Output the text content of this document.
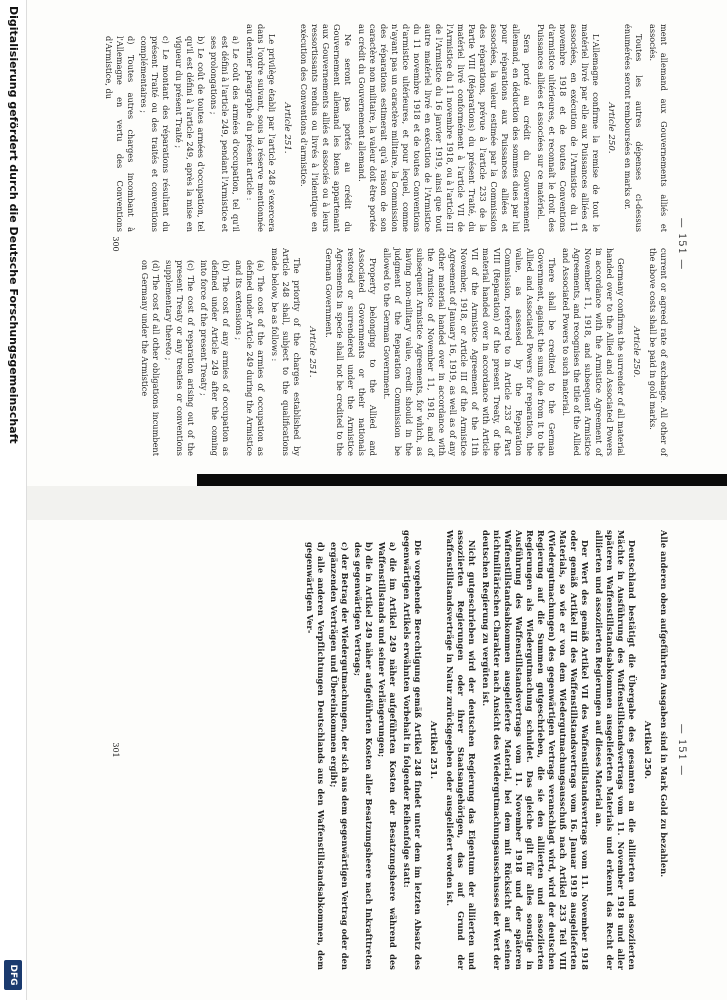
— 151 —

ment allemand aux Gouvernements alliés et associés.

Toutes les autres dépenses ci-dessus énumérées seront remboursées en marks or.

Article 250.

L'Allemagne confirme la remise de tout le matériel livré par elle aux Puissances alliées et associées, en exécution de l'Armistice du 11 novembre 1918 et de toutes Conventions d'armistice ultérieures, et reconnaît le droit des Puissances alliées et associées sur ce matériel.

Sera porté au crédit du Gouvernement allemand, en déduction des sommes dues par lui pour réparations aux Puissances alliées et associées, la valeur estimée par la Commission des réparations, prévue à l'article 233 de la Partie VIII (Réparations) du présent Traité, du matériel livré conformément à l'article VII de l'Armistice du 11 novembre 1918, ou à l'article III de l'Armistice du 16 janvier 1919, ainsi que tout autre matériel livré en exécution de l'Armistice du 11 novembre 1918 et de toutes Conventions d'armistice ultérieures, et pour lequel, comme n'ayant pas un caractère militaire, la Commission des réparations estimerait qu'à raison de son caractère non militaire, la valeur doit être portée au crédit du Gouvernement allemand.

Ne seront pas portés au crédit du Gouvernement allemand les biens appartenant aux Gouvernements alliés et associés ou à leurs ressortissants rendus ou livrés à l'identique en exécution des Conventions d'armistice.

Article 251.

Le privilège établi par l'article 248 s'exercera dans l'ordre suivant, sous la réserve mentionnée au dernier paragraphe du présent article :

a) Le coût des armées d'occupation, tel qu'il est défini à l'article 249, pendant l'Armistice et ses prolongations ;

b) Le coût de toutes armées d'occupation, tel qu'il est défini à l'article 249, après la mise en vigueur du présent Traité ;

c) Le montant des réparations résultant du présent Traité ou des traités et conventions complémentaires ;

d) Toutes autres charges incombant à l'Allemagne en vertu des Conventions d'Armistice, du

current or agreed rate of exchange. All other of the above costs shall be paid in gold marks.

Article 250.

Germany confirms the surrender of all material handed over to the Allied and Associated Powers in accordance with the Armistice Agreement of November 11, 1918, and subsequent Armistice Agreements, and recognises the title of the Allied and Associated Powers to such material.

There shall be credited to the German Government, against the sums due from it to the Allied and Associated Powers for reparation, the value, as assessed by the Reparation Commission, referred to in Article 233 of Part VIII (Reparation) of the present Treaty, of the material handed over in accordance with Article VII of the Armistice Agreement of the 11th November, 1918, or Article III of the Armistice Agreement of January 16, 1919, as well as of any other material handed over in accordance with the Armistice of November 11, 1918, and of subsequent Armistice Agreements, for which, as having non-military value, credit should in the judgment of the Reparation Commission be allowed to the German Government.

Property belonging to the Allied and Associated Governments or their nationals restored or surrendered under the Armistice Agreements in specie shall not be credited to the German Government.

Article 251.

The priority of the charges established by Article 248 shall, subject to the qualifications made below, be as follows :

(a) The cost of the armies of occupation as defined under Article 249 during the Armistice and its extensions ;

(b) The cost of any armies of occupation as defined under Article 249 after the coming into force of the present Treaty ;

(c) The cost of reparation arising out of the present Treaty or any treaties or conventions supplementary thereto ;

(d) The cost of all other obligations incumbent on Germany under the Armistice

300
— 151 —

Alle anderen oben aufgeführten Ausgaben sind in Mark Gold zu bezahlen.

Artikel 250.

Deutschland bestätigt die Übergabe des gesamten an die alliierten und assoziierten Mächte in Ausführung des Waffenstillstandsvertrags vom 11. November 1918 und aller späteren Waffenstillstandsabkommen ausgelieferten Materials und erkennt das Recht der alliierten und assoziierten Regierungen auf dieses Material an.

Der Wert des gemäß Artikel VII des Waffenstillstandsvertrags vom 11. November 1918 oder gemäß Artikel III des Waffenstillstandsvertrags vom 16. Januar 1919 ausgelieferten Materials, so wie er von dem Wiedergutmachungsausschuß nach Artikel 233 Teil VIII (Wiedergutmachungen) des gegenwärtigen Vertrags veranschlagt wird, wird der deutschen Regierung auf die Summen gutgeschrieben, die sie den alliierten und assoziierten Regierungen als Wiedergutmachung schuldet. Das gleiche gilt für alles sonstige in Ausführung des Waffenstillstandsvertrags vom 11. November 1918 und der späteren Waffenstillstandsabkommen ausgelieferte Material, bei dem mit Rücksicht auf seinen nichtmilitärischen Charakter nach Ansicht des Wiedergutmachungsausschusses der Wert der deutschen Regierung zu vergüten ist.

Nicht gutgeschrieben wird der deutschen Regierung das Eigentum der alliierten und assoziierten Regierungen oder ihrer Staatsangehörigen, das auf Grund der Waffenstillstandsverträge in Natur zurückgegeben oder ausgeliefert worden ist.

Artikel 251.

Die vorgehende Berechtigung gemäß Artikel 248 findet unter dem im letzten Absatz des gegenwärtigen Artikels erwähnten Vorbehalt in folgender Reihenfolge statt:

a) die im Artikel 249 näher aufgeführten Kosten der Besatzungsheere während des Waffenstillstands und seiner Verlängerungen;

b) die in Artikel 249 näher aufgeführten Kosten aller Besatzungsheere nach Inkrafttreten des gegenwärtigen Vertrags;

c) der Betrag der Wiedergutmachungen, der sich aus dem gegenwärtigen Vertrag oder den ergänzenden Verträgen und Übereinkommen ergibt;

d) alle anderen Verpflichtungen Deutschlands aus den Waffenstillstandsabkommen, dem gegenwärtigen Ver-

301
Digitalisierung gefördert durch die Deutsche Forschungsgemeinschaft
DFG
